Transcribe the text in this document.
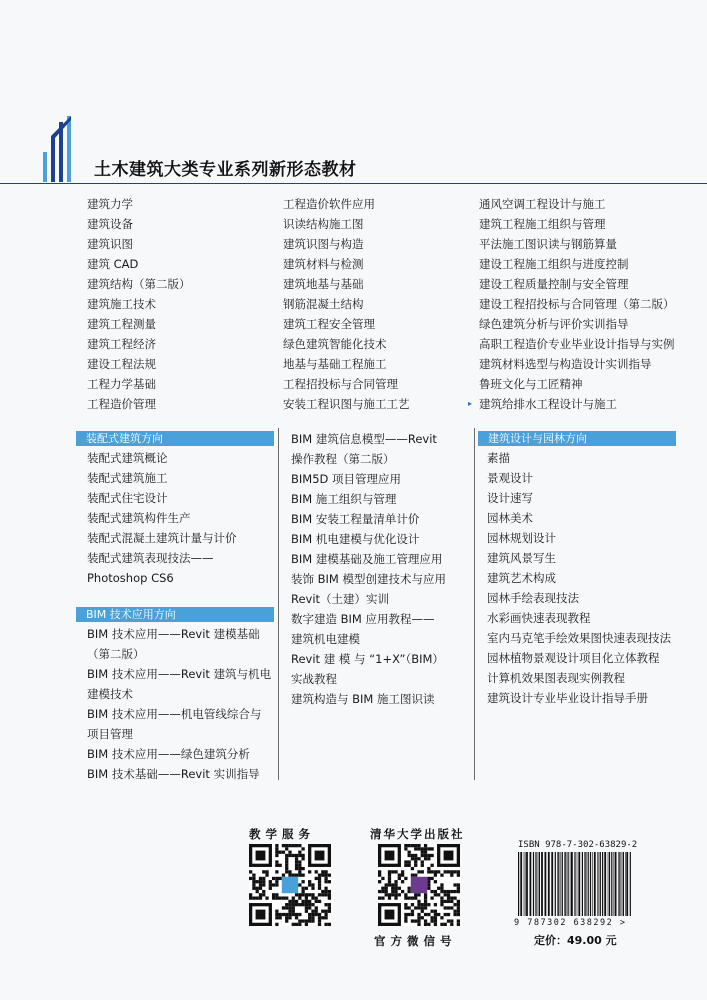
土木建筑大类专业系列新形态教材
建筑力学
建筑设备
建筑识图
建筑 CAD
建筑结构（第二版）
建筑施工技术
建筑工程测量
建筑工程经济
建设工程法规
工程力学基础
工程造价管理
工程造价软件应用
识读结构施工图
建筑识图与构造
建筑材料与检测
建筑地基与基础
钢筋混凝土结构
建筑工程安全管理
绿色建筑智能化技术
地基与基础工程施工
工程招投标与合同管理
安装工程识图与施工工艺
通风空调工程设计与施工
建筑工程施工组织与管理
平法施工图识读与钢筋算量
建设工程施工组织与进度控制
建设工程质量控制与安全管理
建设工程招投标与合同管理（第二版）
绿色建筑分析与评价实训指导
高职工程造价专业毕业设计指导与实例
建筑材料选型与构造设计实训指导
鲁班文化与工匠精神
建筑给排水工程设计与施工
▸
装配式建筑方向
装配式建筑概论
装配式建筑施工
装配式住宅设计
装配式建筑构件生产
装配式混凝土建筑计量与计价
装配式建筑表现技法——
Photoshop CS6
BIM 技术应用方向
BIM 技术应用——Revit 建模基础
（第二版）
BIM 技术应用——Revit 建筑与机电
建模技术
BIM 技术应用——机电管线综合与
项目管理
BIM 技术应用——绿色建筑分析
BIM 技术基础——Revit 实训指导
BIM 建筑信息模型——Revit
操作教程（第二版）
BIM5D 项目管理应用
BIM 施工组织与管理
BIM 安装工程量清单计价
BIM 机电建模与优化设计
BIM 建模基础及施工管理应用
装饰 BIM 模型创建技术与应用
Revit（土建）实训
数字建造 BIM 应用教程——
建筑机电建模
Revit 建 模 与 “1+X”（BIM）
实战教程
建筑构造与 BIM 施工图识读
建筑设计与园林方向
素描
景观设计
设计速写
园林美术
园林规划设计
建筑风景写生
建筑艺术构成
园林手绘表现技法
水彩画快速表现教程
室内马克笔手绘效果图快速表现技法
园林植物景观设计项目化立体教程
计算机效果图表现实例教程
建筑设计专业毕业设计指导手册
教学服务	清华大学出版社
官方微信号
ISBN 978-7-302-63829-2
9 787302 638292 >
定价：49.00 元
